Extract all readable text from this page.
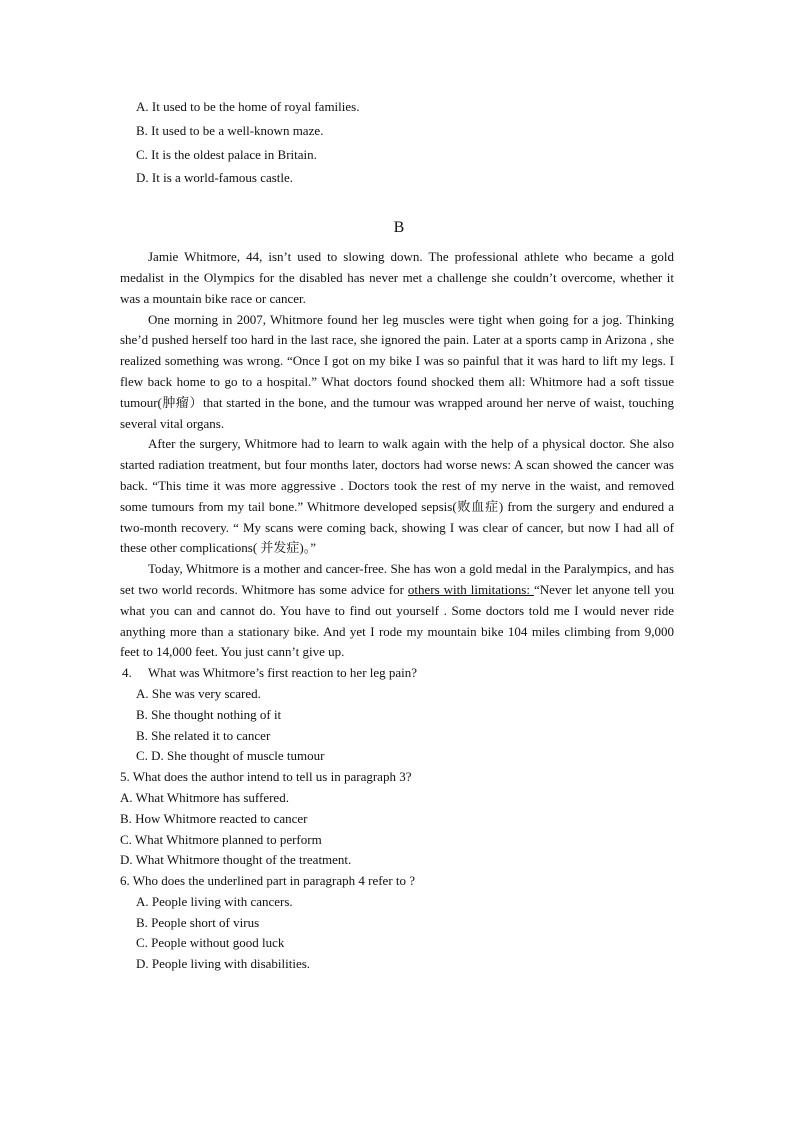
A. It used to be the home of royal families.
B. It used to be a well-known maze.
C. It is the oldest palace in Britain.
D. It is a world-famous castle.
B

Jamie Whitmore, 44, isn’t used to slowing down. The professional athlete who became a gold medalist in the Olympics for the disabled has never met a challenge she couldn’t overcome, whether it was a mountain bike race or cancer.

One morning in 2007, Whitmore found her leg muscles were tight when going for a jog. Thinking she’d pushed herself too hard in the last race, she ignored the pain. Later at a sports camp in Arizona , she realized something was wrong. “Once I got on my bike I was so painful that it was hard to lift my legs. I flew back home to go to a hospital.” What doctors found shocked them all: Whitmore had a soft tissue tumour(肿瘤）that started in the bone, and the tumour was wrapped around her nerve of waist, touching several vital organs.

After the surgery, Whitmore had to learn to walk again with the help of a physical doctor. She also started radiation treatment, but four months later, doctors had worse news: A scan showed the cancer was back. “This time it was more aggressive . Doctors took the rest of my nerve in the waist, and removed some tumours from my tail bone.” Whitmore developed sepsis(败血症) from the surgery and endured a two-month recovery. “ My scans were coming back, showing I was clear of cancer, but now I had all of these other complications( 并发症)。”

Today, Whitmore is a mother and cancer-free. She has won a gold medal in the Paralympics, and has set two world records. Whitmore has some advice for others with limitations: “Never let anyone tell you what you can and cannot do. You have to find out yourself . Some doctors told me I would never ride anything more than a stationary bike. And yet I rode my mountain bike 104 miles climbing from 9,000 feet to 14,000 feet. You just cann’t give up.

4. What was Whitmore’s first reaction to her leg pain?
A. She was very scared.
B. She thought nothing of it
B. She related it to cancer
C. D. She thought of muscle tumour
5. What does the author intend to tell us in paragraph 3?
A. What Whitmore has suffered.
B. How Whitmore reacted to cancer
C. What Whitmore planned to perform
D. What Whitmore thought of the treatment.
6. Who does the underlined part in paragraph 4 refer to ?
A. People living with cancers.
B. People short of virus
C. People without good luck
D. People living with disabilities.
